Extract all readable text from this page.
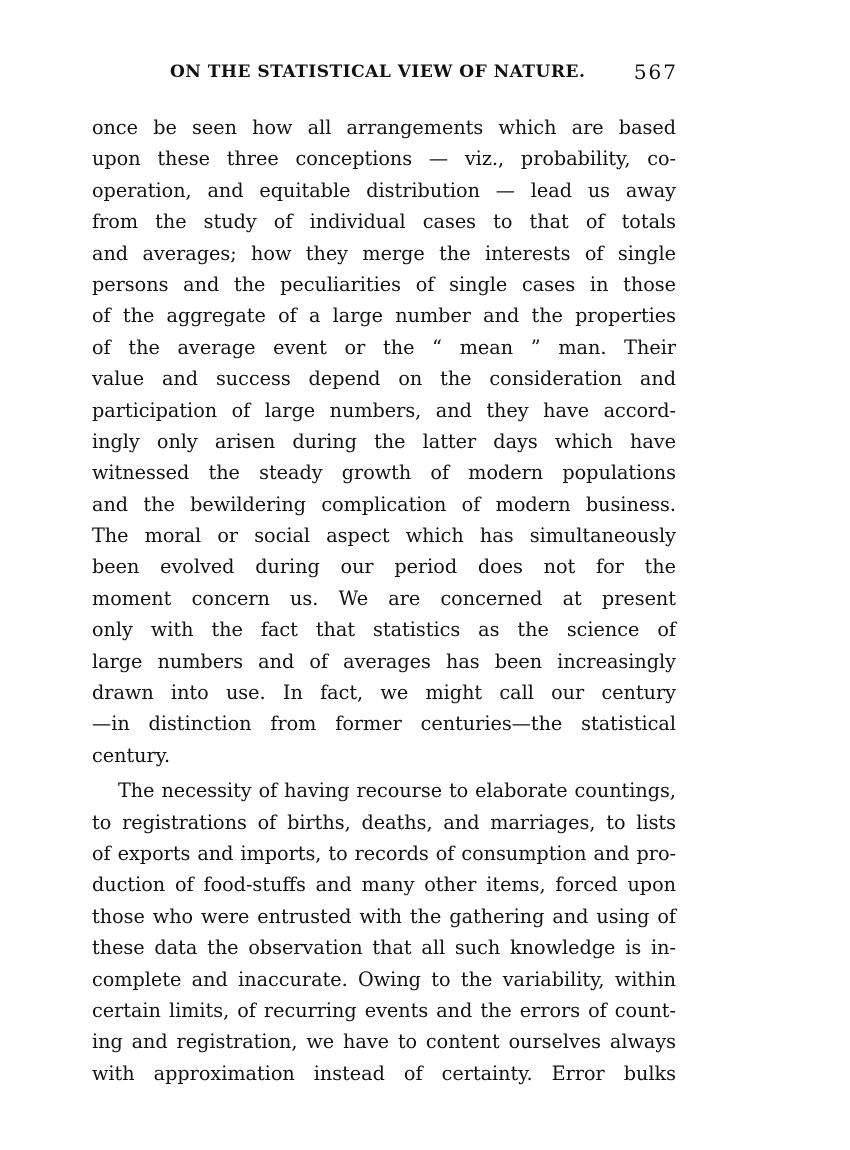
ON THE STATISTICAL VIEW OF NATURE. 567
once be seen how all arrangements which are based
upon these three conceptions — viz., probability, co-
operation, and equitable distribution — lead us away
from the study of individual cases to that of totals
and averages; how they merge the interests of single
persons and the peculiarities of single cases in those
of the aggregate of a large number and the properties
of the average event or the “ mean ” man. Their
value and success depend on the consideration and
participation of large numbers, and they have accord-
ingly only arisen during the latter days which have
witnessed the steady growth of modern populations
and the bewildering complication of modern business.
The moral or social aspect which has simultaneously
been evolved during our period does not for the
moment concern us. We are concerned at present
only with the fact that statistics as the science of
large numbers and of averages has been increasingly
drawn into use. In fact, we might call our century
—in distinction from former centuries—the statistical
century.
The necessity of having recourse to elaborate countings,
to registrations of births, deaths, and marriages, to lists
of exports and imports, to records of consumption and pro-
duction of food-stuffs and many other items, forced upon
those who were entrusted with the gathering and using of
these data the observation that all such knowledge is in-
complete and inaccurate. Owing to the variability, within
certain limits, of recurring events and the errors of count-
ing and registration, we have to content ourselves always
with approximation instead of certainty. Error bulks
